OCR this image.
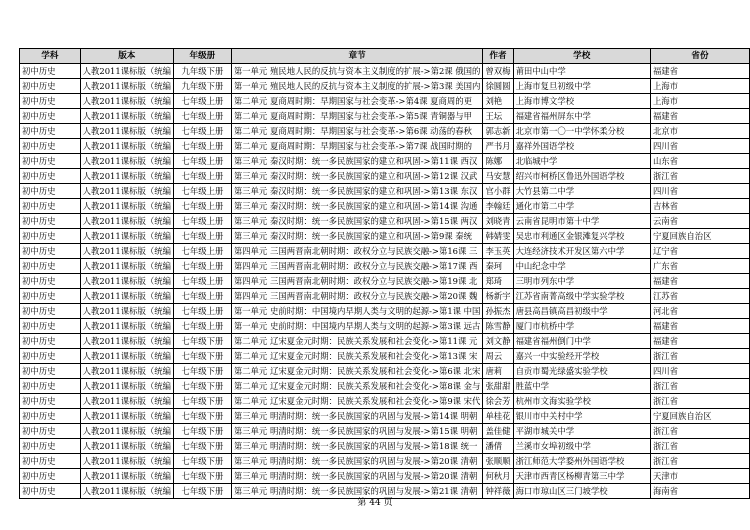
学科	版本	年级册	章节	作者	学校	省份
初中历史	人教2011课标版（统编	九年级下册	第一单元 殖民地人民的反抗与资本主义制度的扩展->第2课 俄国的	曾双梅	莆田中山中学	福建省
初中历史	人教2011课标版（统编	九年级下册	第一单元 殖民地人民的反抗与资本主义制度的扩展->第3课 美国内	徐圆圆	上海市复旦初级中学	上海市
初中历史	人教2011课标版（统编	七年级上册	第二单元 夏商周时期：早期国家与社会变革->第4课 夏商周的更	刘艳	上海市博文学校	上海市
初中历史	人教2011课标版（统编	七年级上册	第二单元 夏商周时期：早期国家与社会变革->第5课 青铜器与甲	王坛	福建省福州屏东中学	福建省
初中历史	人教2011课标版（统编	七年级上册	第二单元 夏商周时期：早期国家与社会变革->第6课 动荡的春秋	郭志新	北京市第一〇一中学怀柔分校	北京市
初中历史	人教2011课标版（统编	七年级上册	第二单元 夏商周时期：早期国家与社会变革->第7课 战国时期的	严书月	嘉祥外国语学校	四川省
初中历史	人教2011课标版（统编	七年级上册	第三单元 秦汉时期：统一多民族国家的建立和巩固->第11课 西汉	陈娜	北临城中学	山东省
初中历史	人教2011课标版（统编	七年级上册	第三单元 秦汉时期：统一多民族国家的建立和巩固->第12课 汉武	马安慧	绍兴市柯桥区鲁迅外国语学校	浙江省
初中历史	人教2011课标版（统编	七年级上册	第三单元 秦汉时期：统一多民族国家的建立和巩固->第13课 东汉	官小群	大竹县第二中学	四川省
初中历史	人教2011课标版（统编	七年级上册	第三单元 秦汉时期：统一多民族国家的建立和巩固->第14课 沟通	李翰廷	通化市第二中学	吉林省
初中历史	人教2011课标版（统编	七年级上册	第三单元 秦汉时期：统一多民族国家的建立和巩固->第15课 两汉	刘晓青	云南省昆明市第十中学	云南省
初中历史	人教2011课标版（统编	七年级上册	第三单元 秦汉时期：统一多民族国家的建立和巩固->第9课 秦统	韩婧雯	吴忠市利通区金银滩复兴学校	宁夏回族自治区
初中历史	人教2011课标版（统编	七年级上册	第四单元 三国两晋南北朝时期：政权分立与民族交融->第16课 三	李玉英	大连经济技术开发区第六中学	辽宁省
初中历史	人教2011课标版（统编	七年级上册	第四单元 三国两晋南北朝时期：政权分立与民族交融->第17课 西	秦珂	中山纪念中学	广东省
初中历史	人教2011课标版（统编	七年级上册	第四单元 三国两晋南北朝时期：政权分立与民族交融->第19课 北	郑琦	三明市列东中学	福建省
初中历史	人教2011课标版（统编	七年级上册	第四单元 三国两晋南北朝时期：政权分立与民族交融->第20课 魏	杨新宇	江苏省南菁高级中学实验学校	江苏省
初中历史	人教2011课标版（统编	七年级上册	第一单元 史前时期：中国境内早期人类与文明的起源->第1课 中国	孙振杰	唐县高昌镇高昌初级中学	河北省
初中历史	人教2011课标版（统编	七年级上册	第一单元 史前时期：中国境内早期人类与文明的起源->第3课 远古	陈雪静	厦门市杭桥中学	福建省
初中历史	人教2011课标版（统编	七年级下册	第二单元 辽宋夏金元时期：民族关系发展和社会变化->第11课 元	刘文静	福建省福州倒门中学	福建省
初中历史	人教2011课标版（统编	七年级下册	第二单元 辽宋夏金元时期：民族关系发展和社会变化->第13课 宋	周云	嘉兴一中实验经开学校	浙江省
初中历史	人教2011课标版（统编	七年级下册	第二单元 辽宋夏金元时期：民族关系发展和社会变化->第6课 北宋	唐莉	自贡市蜀光绿盛实验学校	四川省
初中历史	人教2011课标版（统编	七年级下册	第二单元 辽宋夏金元时期：民族关系发展和社会变化->第8课 金与	张甜甜	胜蓝中学	浙江省
初中历史	人教2011课标版（统编	七年级下册	第二单元 辽宋夏金元时期：民族关系发展和社会变化->第9课 宋代	徐会芳	杭州市文海实验学校	浙江省
初中历史	人教2011课标版（统编	七年级下册	第三单元 明清时期：统一多民族国家的巩固与发展->第14课 明朝	单桂花	银川市中关村中学	宁夏回族自治区
初中历史	人教2011课标版（统编	七年级下册	第三单元 明清时期：统一多民族国家的巩固与发展->第15课 明朝	盖佳健	平湖市城关中学	浙江省
初中历史	人教2011课标版（统编	七年级下册	第三单元 明清时期：统一多民族国家的巩固与发展->第18课 统一	潘倩	兰溪市女埠初级中学	浙江省
初中历史	人教2011课标版（统编	七年级下册	第三单元 明清时期：统一多民族国家的巩固与发展->第20课 清朝	张顺顺	浙江师范大学婺州外国语学校	浙江省
初中历史	人教2011课标版（统编	七年级下册	第三单元 明清时期：统一多民族国家的巩固与发展->第20课 清朝	何秋月	天津市西青区杨柳青第三中学	天津市
初中历史	人教2011课标版（统编	七年级下册	第三单元 明清时期：统一多民族国家的巩固与发展->第21课 清朝	钟祥薇	海口市琼山区三门坡学校	海南省
第 44 页
